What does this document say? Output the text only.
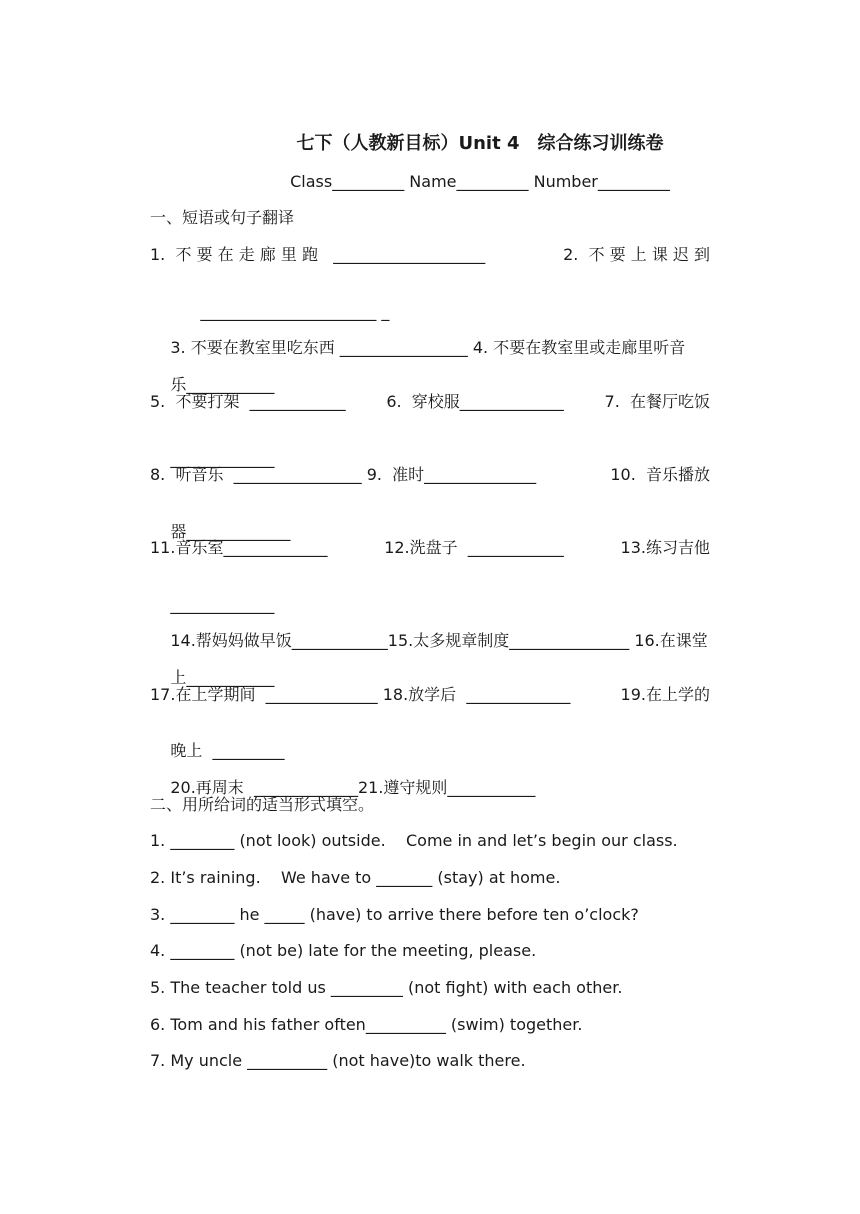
七下（人教新目标）Unit 4　综合练习训练卷
Class_________ Name_________ Number_________
一、短语或句子翻译
1.  不 要 在 走 廊 里 跑   ___________________	2.  不 要 上 课 迟 到

______________________ _

3. 不要在教室里吃东西 ________________ 4. 不要在教室里或走廊里听音

乐___________

5.  不要打架  ____________	6.  穿校服_____________	7.  在餐厅吃饭

_____________

8.  听音乐  ________________ 9.  准时______________	10.  音乐播放

器_____________

11.音乐室_____________	12.洗盘子  ____________	13.练习吉他

_____________

14.帮妈妈做早饭____________15.太多规章制度_______________ 16.在课堂

上___________

17.在上学期间  ______________ 18.放学后  _____________	19.在上学的

晚上  _________

20.再周末  _____________21.遵守规则___________

二、用所给词的适当形式填空。
1. ________ (not look) outside.    Come in and let’s begin our class.
2. It’s raining.    We have to _______ (stay) at home.
3. ________ he _____ (have) to arrive there before ten o’clock?
4. ________ (not be) late for the meeting, please.
5. The teacher told us _________ (not fight) with each other.
6. Tom and his father often__________ (swim) together.
7. My uncle __________ (not have)to walk there.
